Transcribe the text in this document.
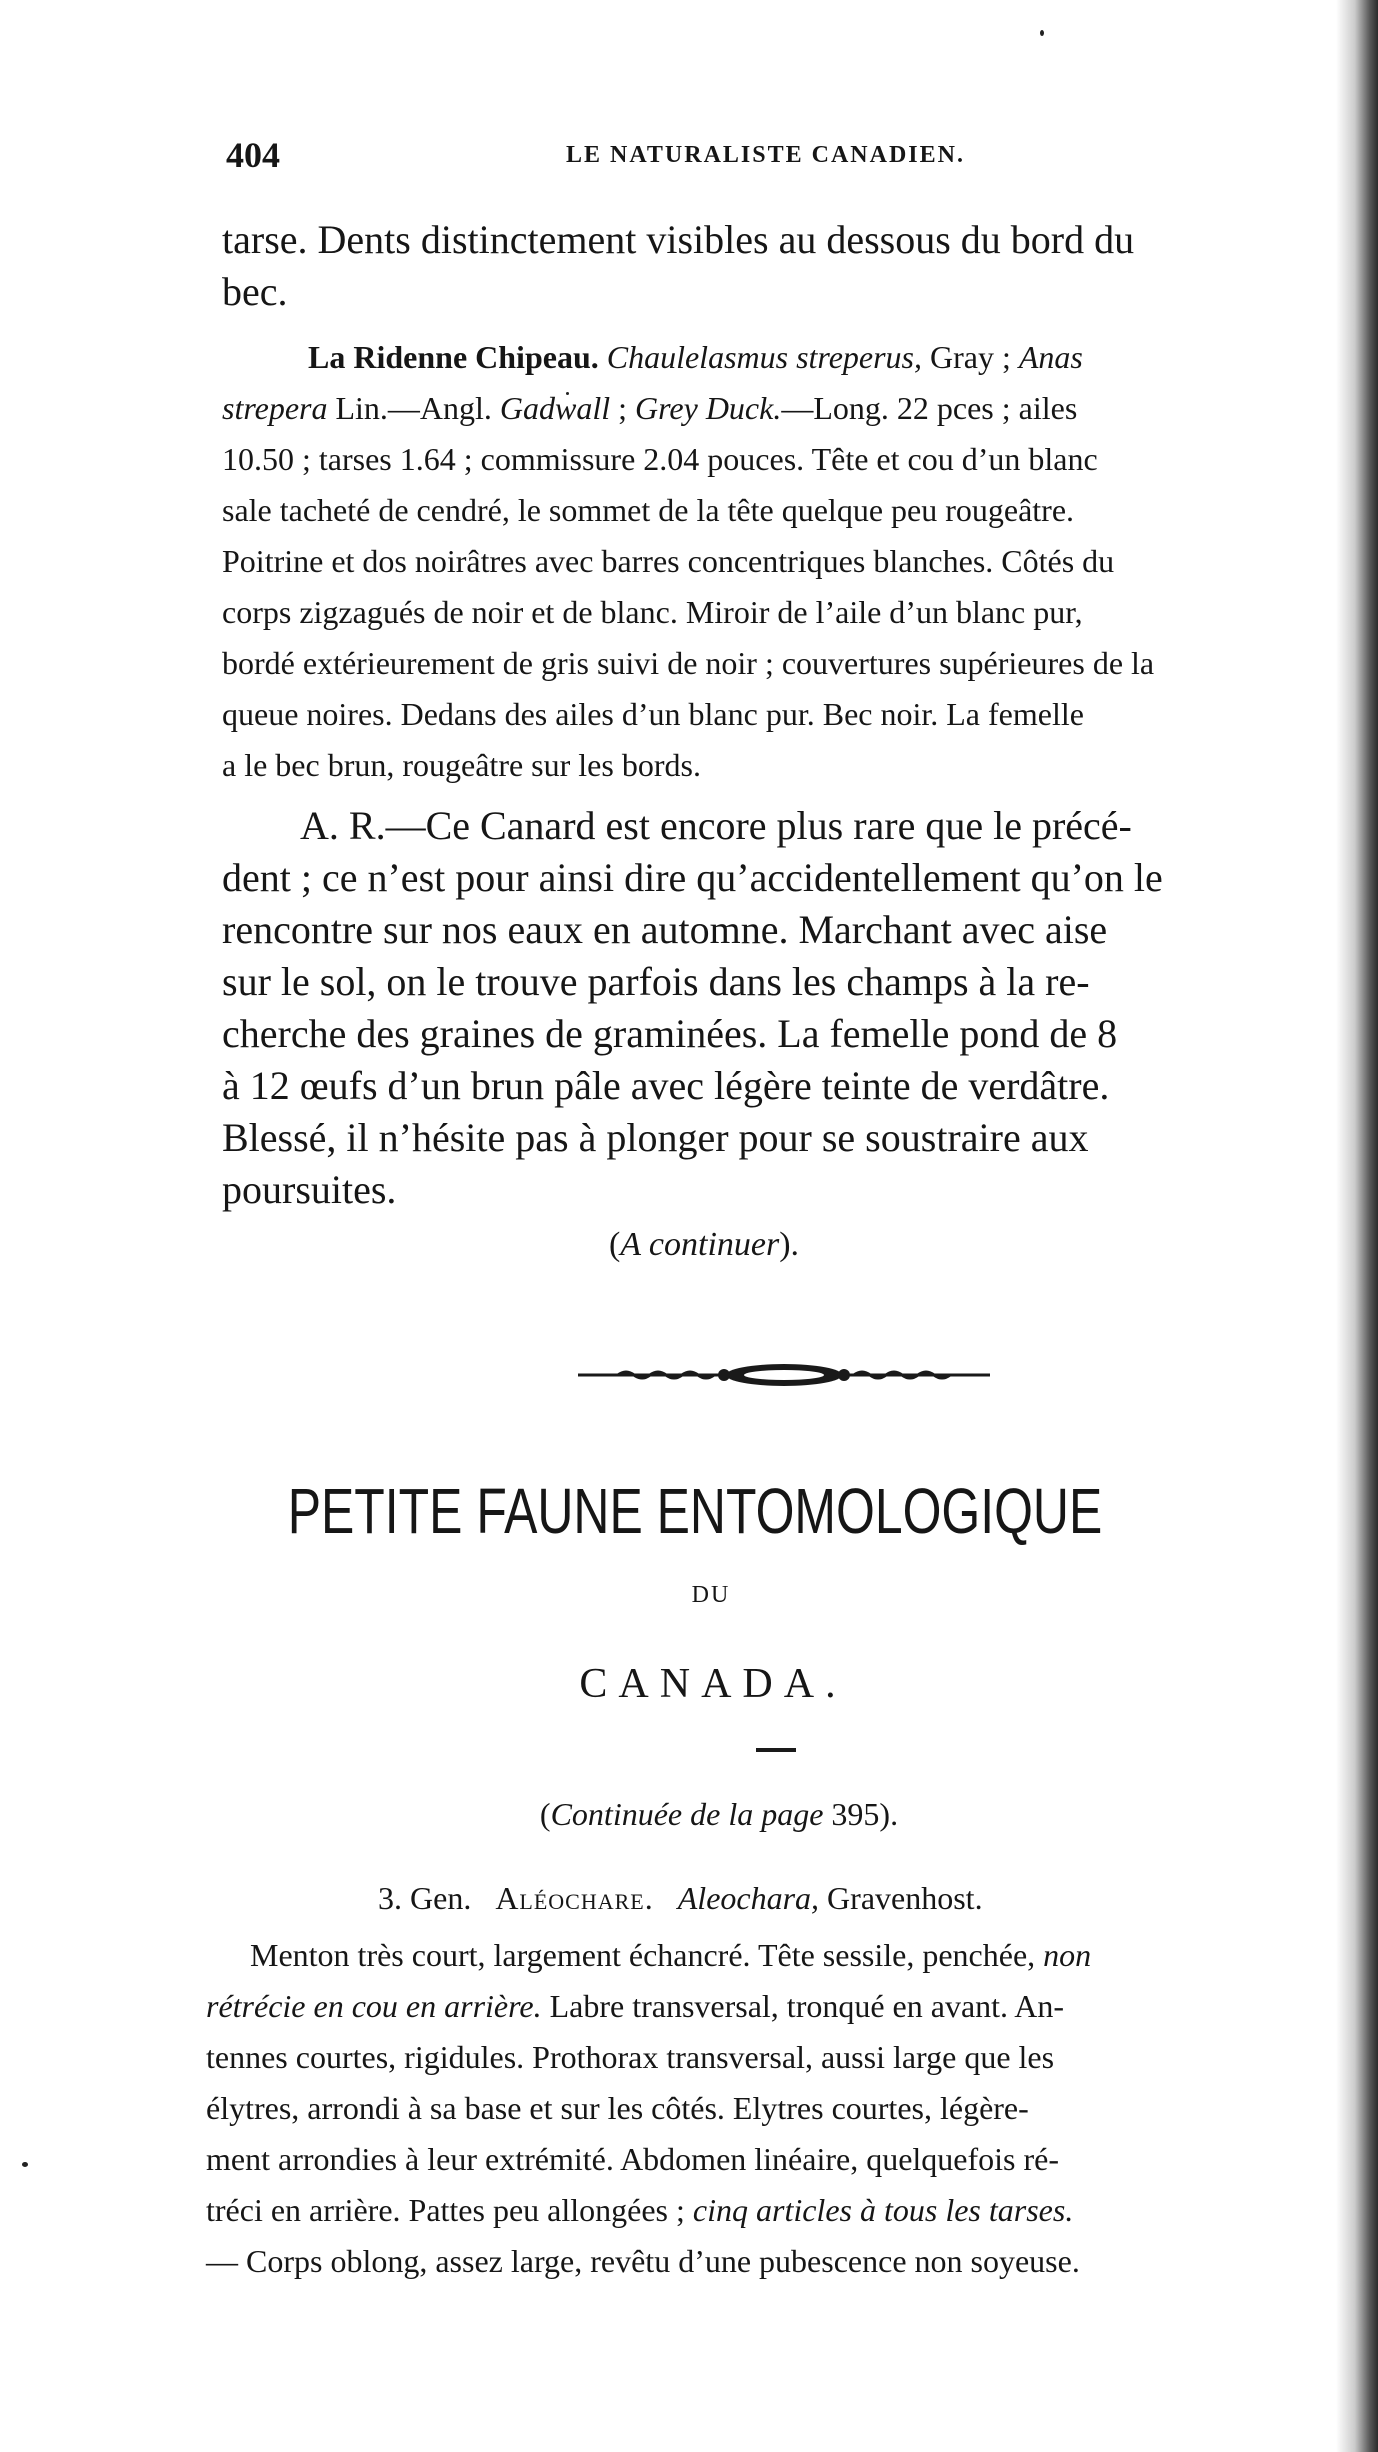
404	LE NATURALISTE CANADIEN.
tarse. Dents distinctement visibles au dessous du bord du
bec.
La Ridenne Chipeau. Chaulelasmus streperus, Gray ; Anas
strepera Lin.—Angl. Gadwall ; Grey Duck.—Long. 22 pces ; ailes
10.50 ; tarses 1.64 ; commissure 2.04 pouces. Tête et cou d’un blanc
sale tacheté de cendré, le sommet de la tête quelque peu rougeâtre.
Poitrine et dos noirâtres avec barres concentriques blanches. Côtés du
corps zigzagués de noir et de blanc. Miroir de l’aile d’un blanc pur,
bordé extérieurement de gris suivi de noir ; couvertures supérieures de la
queue noires. Dedans des ailes d’un blanc pur. Bec noir. La femelle
a le bec brun, rougeâtre sur les bords.
A. R.—Ce Canard est encore plus rare que le précé-
dent ; ce n’est pour ainsi dire qu’accidentellement qu’on le
rencontre sur nos eaux en automne. Marchant avec aise
sur le sol, on le trouve parfois dans les champs à la re-
cherche des graines de graminées. La femelle pond de 8
à 12 œufs d’un brun pâle avec légère teinte de verdâtre.
Blessé, il n’hésite pas à plonger pour se soustraire aux
poursuites.
(A continuer).
PETITE FAUNE ENTOMOLOGIQUE
DU
CANADA.
(Continuée de la page 395).
3. Gen. Aléochare. Aleochara, Gravenhost.
Menton très court, largement échancré. Tête sessile, penchée, non
rétrécie en cou en arrière. Labre transversal, tronqué en avant. An-
tennes courtes, rigidules. Prothorax transversal, aussi large que les
élytres, arrondi à sa base et sur les côtés. Elytres courtes, légère-
ment arrondies à leur extrémité. Abdomen linéaire, quelquefois ré-
tréci en arrière. Pattes peu allongées ; cinq articles à tous les tarses.
— Corps oblong, assez large, revêtu d’une pubescence non soyeuse.
